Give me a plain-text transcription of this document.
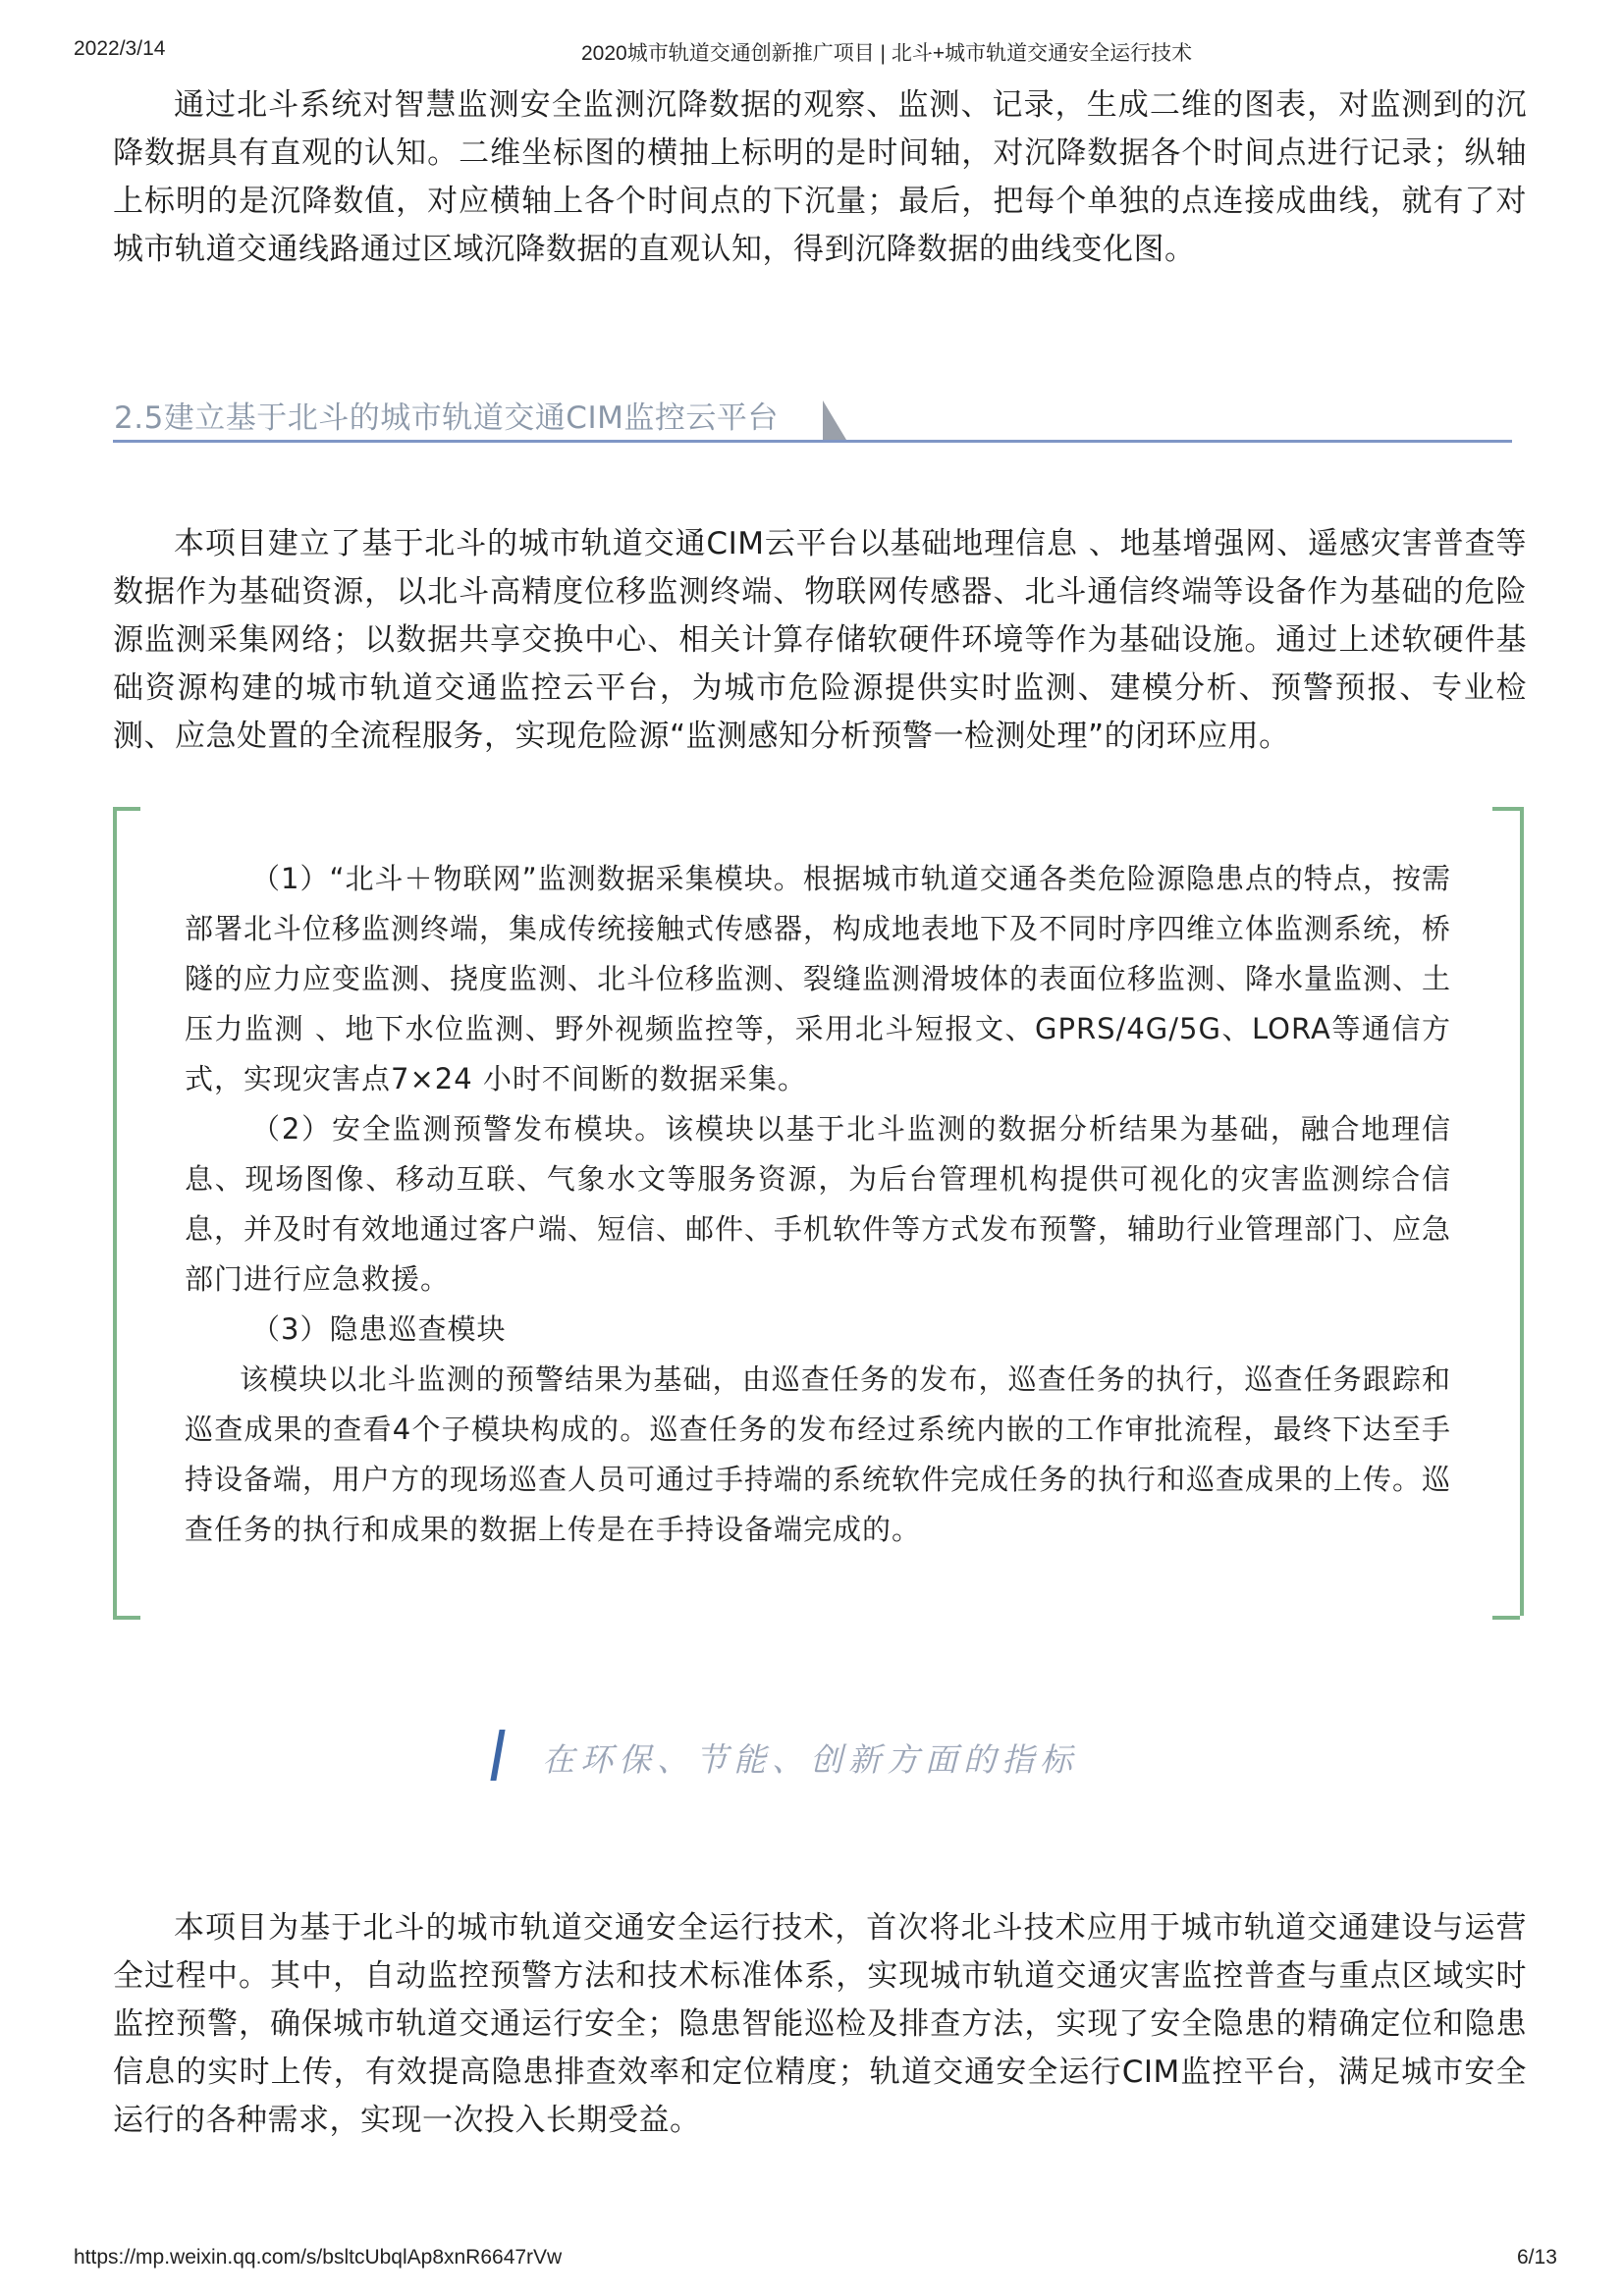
2022/3/14	2020城市轨道交通创新推广项目 | 北斗+城市轨道交通安全运行技术

通过北斗系统对智慧监测安全监测沉降数据的观察、监测、记录，生成二维的图表，对监测到的沉降数据具有直观的认知。二维坐标图的横抽上标明的是时间轴，对沉降数据各个时间点进行记录；纵轴上标明的是沉降数值，对应横轴上各个时间点的下沉量；最后，把每个单独的点连接成曲线，就有了对城市轨道交通线路通过区域沉降数据的直观认知，得到沉降数据的曲线变化图。

2.5建立基于北斗的城市轨道交通CIM监控云平台

本项目建立了基于北斗的城市轨道交通CIM云平台以基础地理信息 、地基增强网、遥感灾害普查等数据作为基础资源，以北斗高精度位移监测终端、物联网传感器、北斗通信终端等设备作为基础的危险源监测采集网络；以数据共享交换中心、相关计算存储软硬件环境等作为基础设施。通过上述软硬件基础资源构建的城市轨道交通监控云平台，为城市危险源提供实时监测、建模分析、预警预报、专业检测、应急处置的全流程服务，实现危险源“监测感知分析预警一检测处理”的闭环应用。

（1）“北斗＋物联网”监测数据采集模块。根据城市轨道交通各类危险源隐患点的特点，按需部署北斗位移监测终端，集成传统接触式传感器，构成地表地下及不同时序四维立体监测系统，桥隧的应力应变监测、挠度监测、北斗位移监测、裂缝监测滑坡体的表面位移监测、降水量监测、土压力监测 、地下水位监测、野外视频监控等，采用北斗短报文、GPRS/4G/5G、LORA等通信方式，实现灾害点7×24 小时不间断的数据采集。

（2）安全监测预警发布模块。该模块以基于北斗监测的数据分析结果为基础，融合地理信息、现场图像、移动互联、气象水文等服务资源，为后台管理机构提供可视化的灾害监测综合信息，并及时有效地通过客户端、短信、邮件、手机软件等方式发布预警，辅助行业管理部门、应急部门进行应急救援。

（3）隐患巡查模块

该模块以北斗监测的预警结果为基础，由巡查任务的发布，巡查任务的执行，巡查任务跟踪和巡查成果的查看4个子模块构成的。巡查任务的发布经过系统内嵌的工作审批流程，最终下达至手持设备端，用户方的现场巡查人员可通过手持端的系统软件完成任务的执行和巡查成果的上传。巡查任务的执行和成果的数据上传是在手持设备端完成的。

在环保、节能、创新方面的指标

本项目为基于北斗的城市轨道交通安全运行技术，首次将北斗技术应用于城市轨道交通建设与运营全过程中。其中，自动监控预警方法和技术标准体系，实现城市轨道交通灾害监控普查与重点区域实时监控预警，确保城市轨道交通运行安全；隐患智能巡检及排查方法，实现了安全隐患的精确定位和隐患信息的实时上传，有效提高隐患排查效率和定位精度；轨道交通安全运行CIM监控平台，满足城市安全运行的各种需求，实现一次投入长期受益。

https://mp.weixin.qq.com/s/bsltcUbqlAp8xnR6647rVw	6/13
